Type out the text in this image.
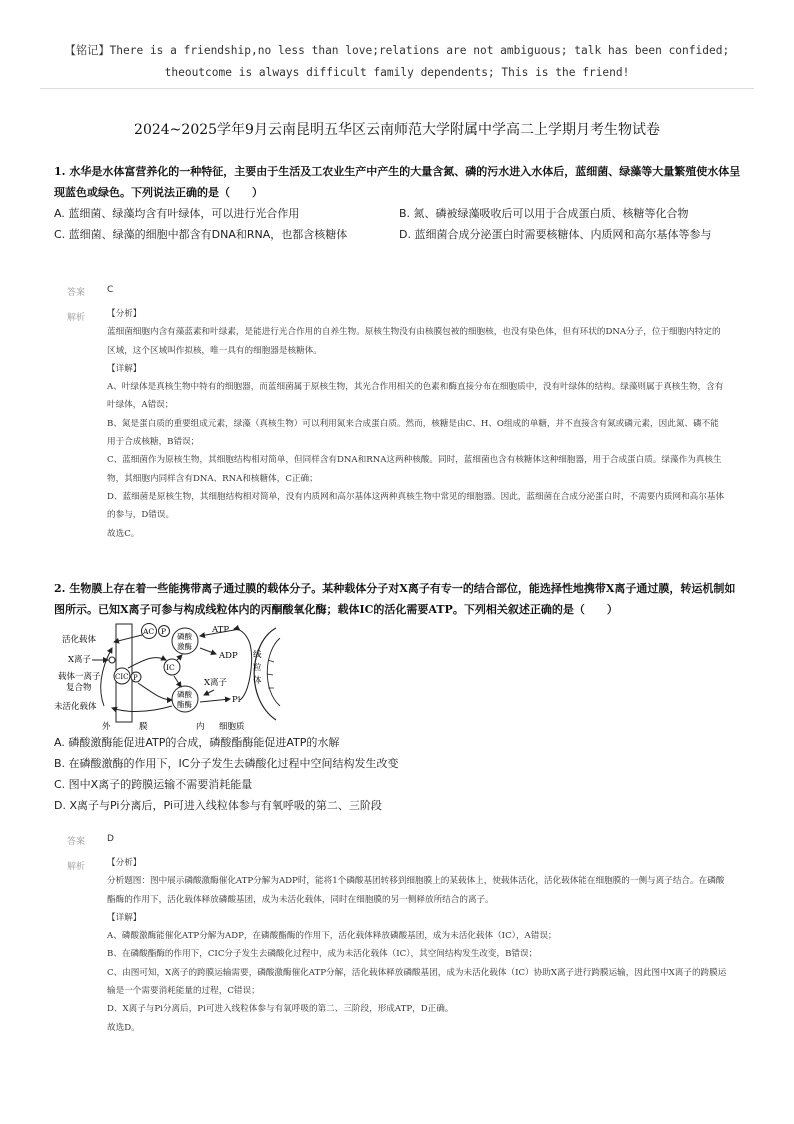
【铭记】There is a friendship,no less than love;relations are not ambiguous; talk has been confided;
theoutcome is always difficult family dependents; This is the friend!
2024~2025学年9月云南昆明五华区云南师范大学附属中学高二上学期月考生物试卷
1. 水华是水体富营养化的一种特征，主要由于生活及工农业生产中产生的大量含氮、磷的污水进入水体后，蓝细菌、绿藻等大量繁殖使水体呈现蓝色或绿色。下列说法正确的是（　　）
A. 蓝细菌、绿藻均含有叶绿体，可以进行光合作用	B. 氮、磷被绿藻吸收后可以用于合成蛋白质、核糖等化合物
C. 蓝细菌、绿藻的细胞中都含有DNA和RNA，也都含核糖体	D. 蓝细菌合成分泌蛋白时需要核糖体、内质网和高尔基体等参与
答案 C
解析	【分析】

蓝细菌细胞内含有藻蓝素和叶绿素，是能进行光合作用的自养生物。原核生物没有由核膜包被的细胞核，也没有染色体，但有环状的DNA分子，位于细胞内特定的区域，这个区域叫作拟核，唯一具有的细胞器是核糖体。

【详解】

A、叶绿体是真核生物中特有的细胞器，而蓝细菌属于原核生物，其光合作用相关的色素和酶直接分布在细胞质中，没有叶绿体的结构。绿藻则属于真核生物，含有叶绿体，A错误；

B、氮是蛋白质的重要组成元素，绿藻（真核生物）可以利用氮来合成蛋白质。然而，核糖是由C、H、O组成的单糖，并不直接含有氮或磷元素，因此氮、磷不能用于合成核糖，B错误；

C、蓝细菌作为原核生物，其细胞结构相对简单，但同样含有DNA和RNA这两种核酸。同时，蓝细菌也含有核糖体这种细胞器，用于合成蛋白质。绿藻作为真核生物，其细胞内同样含有DNA、RNA和核糖体，C正确；

D、蓝细菌是原核生物，其细胞结构相对简单，没有内质网和高尔基体这两种真核生物中常见的细胞器。因此，蓝细菌在合成分泌蛋白时，不需要内质网和高尔基体的参与，D错误。

故选C。

2. 生物膜上存在着一些能携带离子通过膜的载体分子。某种载体分子对X离子有专一的结合部位，能选择性地携带X离子通过膜，转运机制如图所示。已知X离子可参与构成线粒体内的丙酮酸氧化酶；载体IC的活化需要ATP。下列相关叙述正确的是（　　）
活化载体
X离子
载体一离子
复合物
未活化载体
外	膜	内 细胞质
AC P
磷酸
激酶
IC
CIC P
磷酸
酯酶
ATP
ADP
X离子
Pi
线
粒
体
A. 磷酸激酶能促进ATP的合成，磷酸酯酶能促进ATP的水解
B. 在磷酸激酶的作用下，IC分子发生去磷酸化过程中空间结构发生改变
C. 图中X离子的跨膜运输不需要消耗能量
D. X离子与Pi分离后，Pi可进入线粒体参与有氧呼吸的第二、三阶段
答案 D
解析	【分析】

分析题图：图中展示磷酸激酶催化ATP分解为ADP时，能将1个磷酸基团转移到细胞膜上的某载体上，使载体活化，活化载体能在细胞膜的一侧与离子结合。在磷酸酯酶的作用下，活化载体释放磷酸基团，成为未活化载体，同时在细胞膜的另一侧释放所结合的离子。

【详解】

A、磷酸激酶能催化ATP分解为ADP，在磷酸酯酶的作用下，活化载体释放磷酸基团，成为未活化载体（IC），A错误；

B、在磷酸酯酶的作用下，CIC分子发生去磷酸化过程中，成为未活化载体（IC），其空间结构发生改变，B错误；

C、由图可知，X离子的跨膜运输需要，磷酸激酶催化ATP分解，活化载体释放磷酸基团，成为未活化载体（IC）协助X离子进行跨膜运输，因此图中X离子的跨膜运输是一个需要消耗能量的过程，C错误；

D、X离子与Pi分离后，Pi可进入线粒体参与有氧呼吸的第二、三阶段，形成ATP，D正确。

故选D。
